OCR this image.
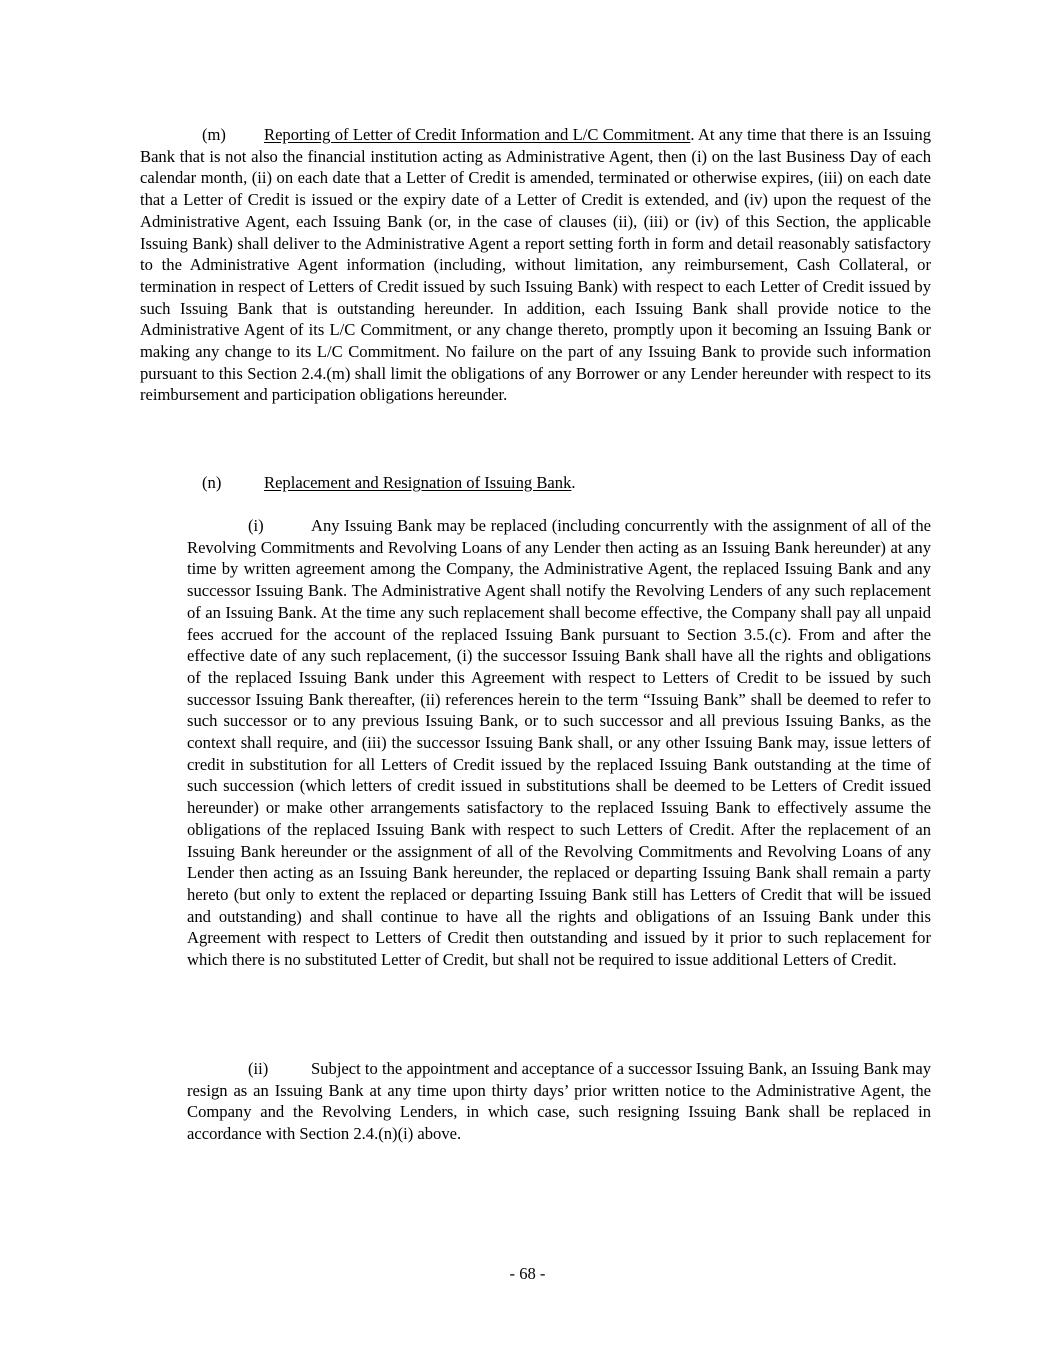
(m) Reporting of Letter of Credit Information and L/C Commitment. At any time that there is an Issuing Bank that is not also the financial institution acting as Administrative Agent, then (i) on the last Business Day of each calendar month, (ii) on each date that a Letter of Credit is amended, terminated or otherwise expires, (iii) on each date that a Letter of Credit is issued or the expiry date of a Letter of Credit is extended, and (iv) upon the request of the Administrative Agent, each Issuing Bank (or, in the case of clauses (ii), (iii) or (iv) of this Section, the applicable Issuing Bank) shall deliver to the Administrative Agent a report setting forth in form and detail reasonably satisfactory to the Administrative Agent information (including, without limitation, any reimbursement, Cash Collateral, or termination in respect of Letters of Credit issued by such Issuing Bank) with respect to each Letter of Credit issued by such Issuing Bank that is outstanding hereunder. In addition, each Issuing Bank shall provide notice to the Administrative Agent of its L/C Commitment, or any change thereto, promptly upon it becoming an Issuing Bank or making any change to its L/C Commitment. No failure on the part of any Issuing Bank to provide such information pursuant to this Section 2.4.(m) shall limit the obligations of any Borrower or any Lender hereunder with respect to its reimbursement and participation obligations hereunder.

(n)	Replacement and Resignation of Issuing Bank.

(i)	Any Issuing Bank may be replaced (including concurrently with the assignment of all of the Revolving Commitments and Revolving Loans of any Lender then acting as an Issuing Bank hereunder) at any time by written agreement among the Company, the Administrative Agent, the replaced Issuing Bank and any successor Issuing Bank. The Administrative Agent shall notify the Revolving Lenders of any such replacement of an Issuing Bank. At the time any such replacement shall become effective, the Company shall pay all unpaid fees accrued for the account of the replaced Issuing Bank pursuant to Section 3.5.(c). From and after the effective date of any such replacement, (i) the successor Issuing Bank shall have all the rights and obligations of the replaced Issuing Bank under this Agreement with respect to Letters of Credit to be issued by such successor Issuing Bank thereafter, (ii) references herein to the term “Issuing Bank” shall be deemed to refer to such successor or to any previous Issuing Bank, or to such successor and all previous Issuing Banks, as the context shall require, and (iii) the successor Issuing Bank shall, or any other Issuing Bank may, issue letters of credit in substitution for all Letters of Credit issued by the replaced Issuing Bank outstanding at the time of such succession (which letters of credit issued in substitutions shall be deemed to be Letters of Credit issued hereunder) or make other arrangements satisfactory to the replaced Issuing Bank to effectively assume the obligations of the replaced Issuing Bank with respect to such Letters of Credit. After the replacement of an Issuing Bank hereunder or the assignment of all of the Revolving Commitments and Revolving Loans of any Lender then acting as an Issuing Bank hereunder, the replaced or departing Issuing Bank shall remain a party hereto (but only to extent the replaced or departing Issuing Bank still has Letters of Credit that will be issued and outstanding) and shall continue to have all the rights and obligations of an Issuing Bank under this Agreement with respect to Letters of Credit then outstanding and issued by it prior to such replacement for which there is no substituted Letter of Credit, but shall not be required to issue additional Letters of Credit.

(ii)	Subject to the appointment and acceptance of a successor Issuing Bank, an Issuing Bank may resign as an Issuing Bank at any time upon thirty days’ prior written notice to the Administrative Agent, the Company and the Revolving Lenders, in which case, such resigning Issuing Bank shall be replaced in accordance with Section 2.4.(n)(i) above.

- 68 -
